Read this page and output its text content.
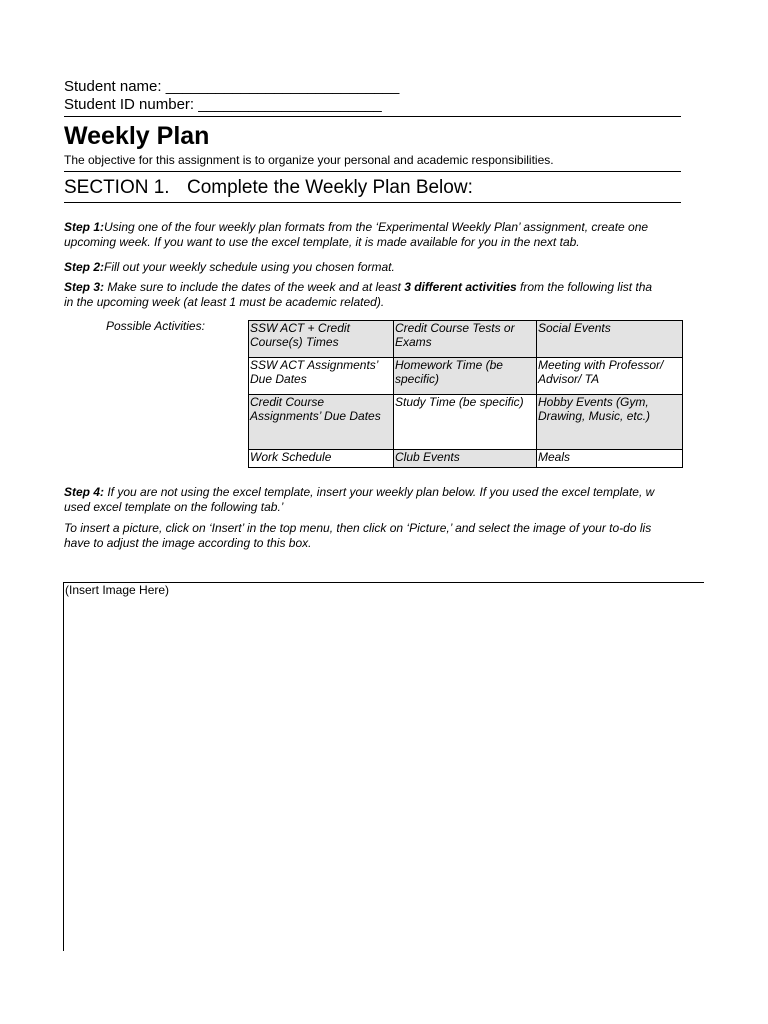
Student name: ____________________________
Student ID number: ______________________
Weekly Plan
The objective for this assignment is to organize your personal and academic responsibilities.
SECTION 1. Complete the Weekly Plan Below:
Step 1:Using one of the four weekly plan formats from the ‘Experimental Weekly Plan’ assignment, create one
upcoming week. If you want to use the excel template, it is made available for you in the next tab.
Step 2:Fill out your weekly schedule using you chosen format.
Step 3: Make sure to include the dates of the week and at least 3 different activities from the following list tha
in the upcoming week (at least 1 must be academic related).
Possible Activities:	SSW ACT + Credit Course(s) Times	Credit Course Tests or Exams	Social Events
SSW ACT Assignments’ Due Dates	Homework Time (be specific)	Meeting with Professor/ Advisor/ TA
Credit Course Assignments’ Due Dates	Study Time (be specific)	Hobby Events (Gym, Drawing, Music, etc.)
Work Schedule	Club Events	Meals
Step 4: If you are not using the excel template, insert your weekly plan below. If you used the excel template, w
used excel template on the following tab.’
To insert a picture, click on ‘Insert’ in the top menu, then click on ‘Picture,’ and select the image of your to-do lis
have to adjust the image according to this box.
(Insert Image Here)
